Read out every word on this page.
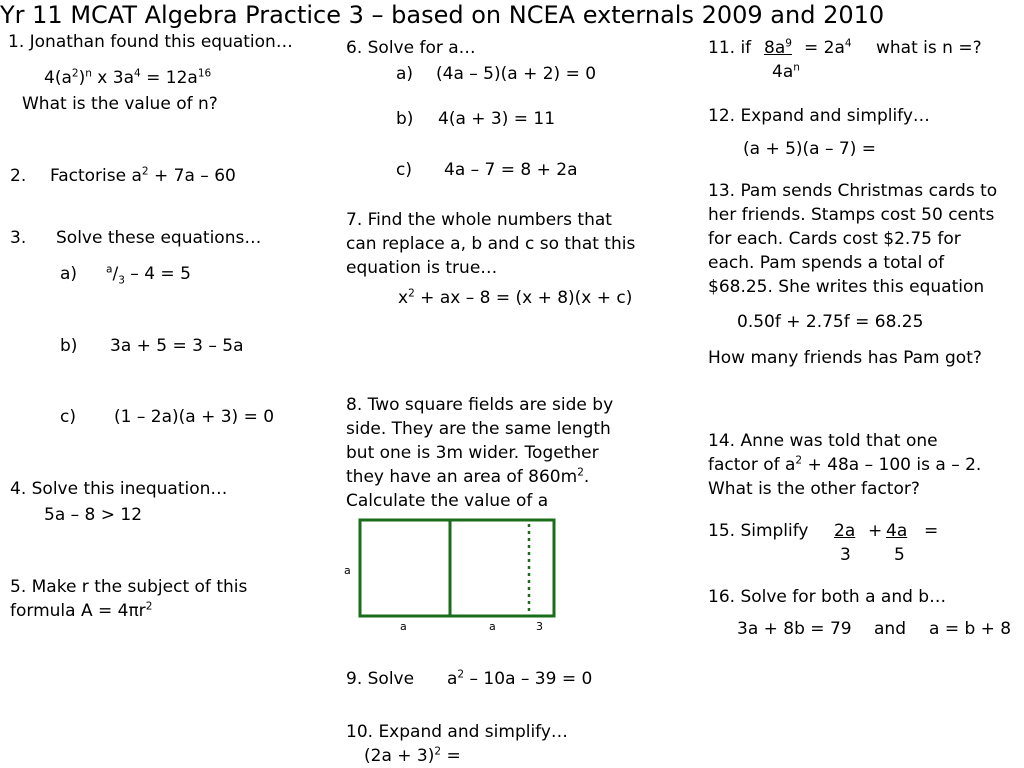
Yr 11 MCAT Algebra Practice 3 – based on NCEA externals 2009 and 2010
1. Jonathan found this equation…
$4(a^2)^n$ x $3a^4 = 12a^{16}$
What is the value of n?
2. Factorise $a^2 + 7a - 60$
3. Solve these equations…
a)	$^a/_3 - 4 = 5$
b) 3a + 5 = 3 – 5a
c) (1 – 2a)(a + 3) = 0
4. Solve this inequation…
5a – 8 > 12
5. Make r the subject of this
formula $A = 4\pi r^2$
6. Solve for a…
a) (4a – 5)(a + 2) = 0
b) 4(a + 3) = 11
c) 4a – 7 = 8 + 2a
7. Find the whole numbers that
can replace a, b and c so that this
equation is true…
$x^2$ + ax – 8 = (x + 8)(x + c)
8. Two square fields are side by
side. They are the same length
but one is 3m wider. Together
they have an area of $860m^2$.
Calculate the value of a
a
a	a	3
9. Solve $a^2 - 10a - 39 = 0$
10. Expand and simplify…
$(2a + 3)^2$ =
11. if $8a^9 = 2a^4$ what is n =?
$4a^n$
12. Expand and simplify…
(a + 5)(a – 7) =
13. Pam sends Christmas cards to
her friends. Stamps cost 50 cents
for each. Cards cost $2.75 for
each. Pam spends a total of
$68.25. She writes this equation
0.50f + 2.75f = 68.25
How many friends has Pam got?
14. Anne was told that one
factor of $a^2 + 48a - 100$ is a – 2.
What is the other factor?
15. Simplify 2a + 4a =
3	5
16. Solve for both a and b…
3a + 8b = 79 and a = b + 8
